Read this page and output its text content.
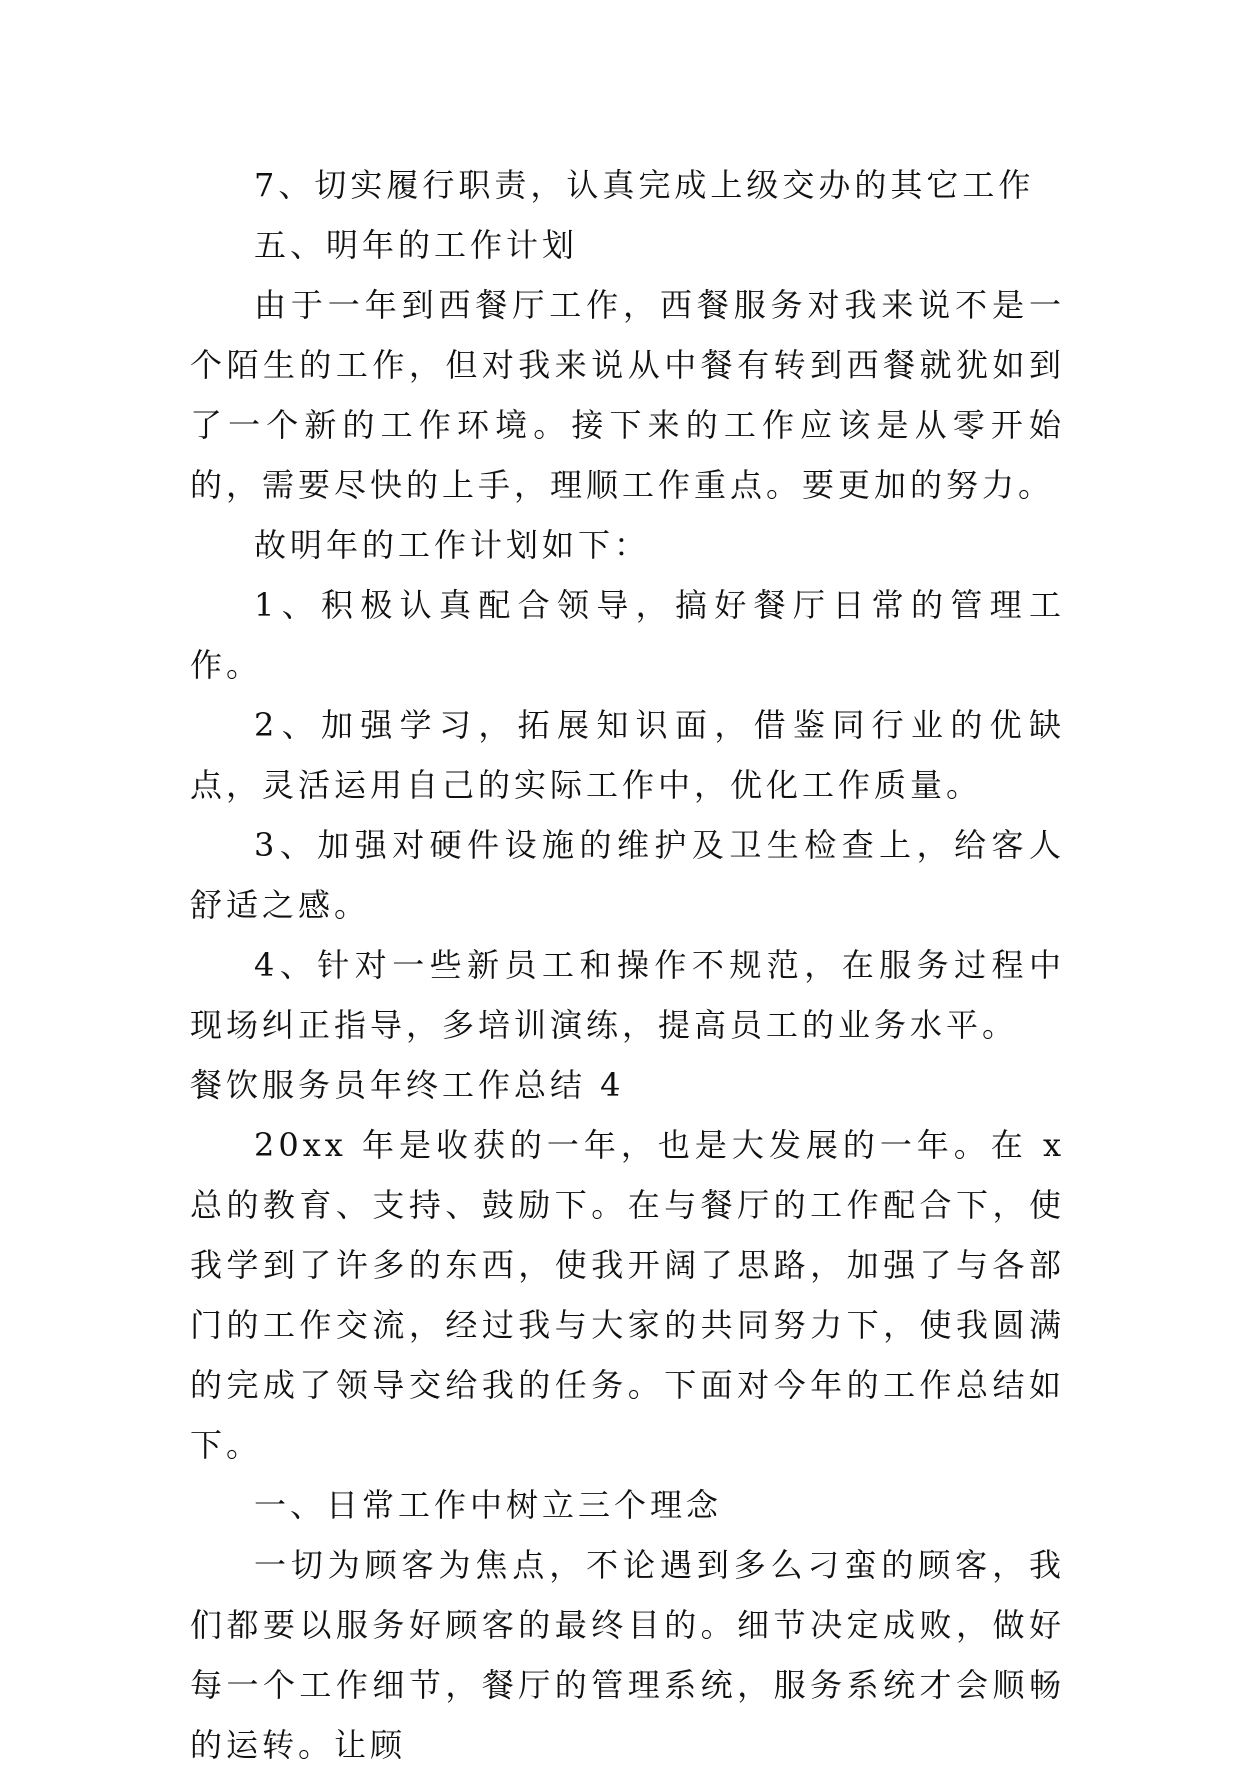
7、切实履行职责，认真完成上级交办的其它工作

五、明年的工作计划

由于一年到西餐厅工作，西餐服务对我来说不是一个陌生的工作，但对我来说从中餐有转到西餐就犹如到了一个新的工作环境。接下来的工作应该是从零开始的，需要尽快的上手，理顺工作重点。要更加的努力。

故明年的工作计划如下：

1、积极认真配合领导，搞好餐厅日常的管理工作。

2、加强学习，拓展知识面，借鉴同行业的优缺点，灵活运用自己的实际工作中，优化工作质量。

3、加强对硬件设施的维护及卫生检查上，给客人舒适之感。

4、针对一些新员工和操作不规范，在服务过程中现场纠正指导，多培训演练，提高员工的业务水平。

餐饮服务员年终工作总结 4

20xx 年是收获的一年，也是大发展的一年。在 x 总的教育、支持、鼓励下。在与餐厅的工作配合下，使我学到了许多的东西，使我开阔了思路，加强了与各部门的工作交流，经过我与大家的共同努力下，使我圆满的完成了领导交给我的任务。下面对今年的工作总结如下。

一、日常工作中树立三个理念

一切为顾客为焦点，不论遇到多么刁蛮的顾客，我们都要以服务好顾客的最终目的。细节决定成败，做好每一个工作细节，餐厅的管理系统，服务系统才会顺畅的运转。让顾
